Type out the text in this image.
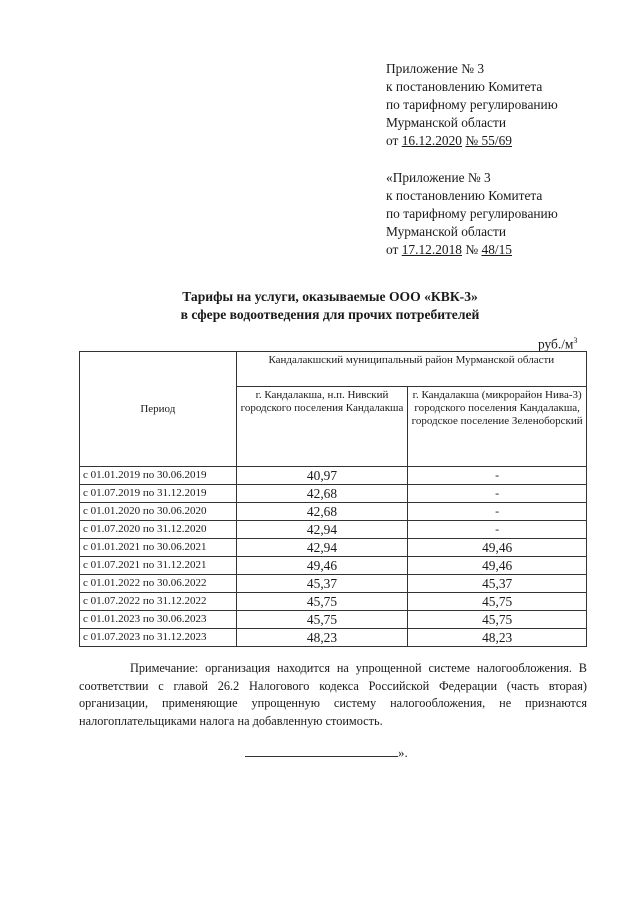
Приложение № 3
к постановлению Комитета
по тарифному регулированию
Мурманской области
от 16.12.2020 № 55/69
«Приложение № 3
к постановлению Комитета
по тарифному регулированию
Мурманской области
от 17.12.2018 № 48/15
Тарифы на услуги, оказываемые ООО «КВК-3»
в сфере водоотведения для прочих потребителей
$руб./м^3$
Период	Кандалакшский муниципальный район Мурманской области	
	г. Кандалакша, н.п. Нивский городского поселения Кандалакша	г. Кандалакша (микрорайон Нива-3) городского поселения Кандалакша, городское поселение Зеленоборский
с 01.01.2019 по 30.06.2019	40,97	-
с 01.07.2019 по 31.12.2019	42,68	-
с 01.01.2020 по 30.06.2020	42,68	-
с 01.07.2020 по 31.12.2020	42,94	-
с 01.01.2021 по 30.06.2021	42,94	49,46
с 01.07.2021 по 31.12.2021	49,46	49,46
с 01.01.2022 по 30.06.2022	45,37	45,37
с 01.07.2022 по 31.12.2022	45,75	45,75
с 01.01.2023 по 30.06.2023	45,75	45,75
с 01.07.2023 по 31.12.2023	48,23	48,23
Примечание: организация находится на упрощенной системе налогообложения. В соответствии с главой 26.2 Налогового кодекса Российской Федерации (часть вторая) организации, применяющие упрощенную систему налогообложения, не признаются налогоплательщиками налога на добавленную стоимость.
».
